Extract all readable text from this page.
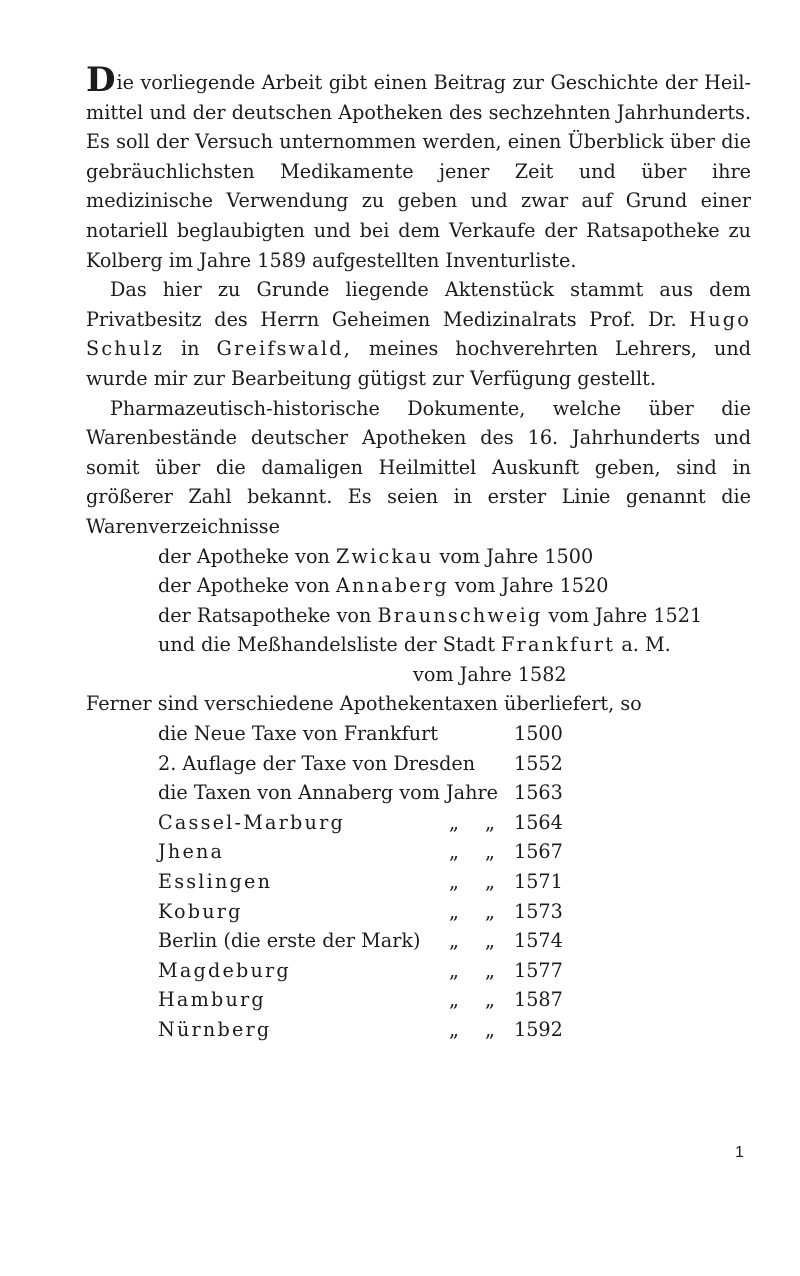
Die vorliegende Arbeit gibt einen Beitrag zur Geschichte der Heilmittel und der deutschen Apotheken des sechzehnten Jahrhunderts. Es soll der Versuch unternommen werden, einen Überblick über die gebräuchlichsten Medikamente jener Zeit und über ihre medizinische Verwendung zu geben und zwar auf Grund einer notariell beglaubigten und bei dem Verkaufe der Ratsapotheke zu Kolberg im Jahre 1589 aufgestellten Inventurliste.

Das hier zu Grunde liegende Aktenstück stammt aus dem Privatbesitz des Herrn Geheimen Medizinalrats Prof. Dr. Hugo Schulz in Greifswald, meines hochverehrten Lehrers, und wurde mir zur Bearbeitung gütigst zur Verfügung gestellt.

Pharmazeutisch-historische Dokumente, welche über die Warenbestände deutscher Apotheken des 16. Jahrhunderts und somit über die damaligen Heilmittel Auskunft geben, sind in größerer Zahl bekannt. Es seien in erster Linie genannt die Warenverzeichnisse

der Apotheke von Zwickau vom Jahre 1500
der Apotheke von Annaberg vom Jahre 1520
der Ratsapotheke von Braunschweig vom Jahre 1521
und die Meßhandelsliste der Stadt Frankfurt a. M.
vom Jahre 1582

Ferner sind verschiedene Apothekentaxen überliefert, so

die Neue Taxe von Frankfurt			1500
2. Auflage der Taxe von Dresden			1552
die Taxen von Annaberg vom Jahre			1563
Cassel-Marburg	„	„	1564
Jhena	„	„	1567
Esslingen	„	„	1571
Koburg	„	„	1573
Berlin (die erste der Mark)	„	„	1574
Magdeburg	„	„	1577
Hamburg	„	„	1587
Nürnberg	„	„	1592
1
